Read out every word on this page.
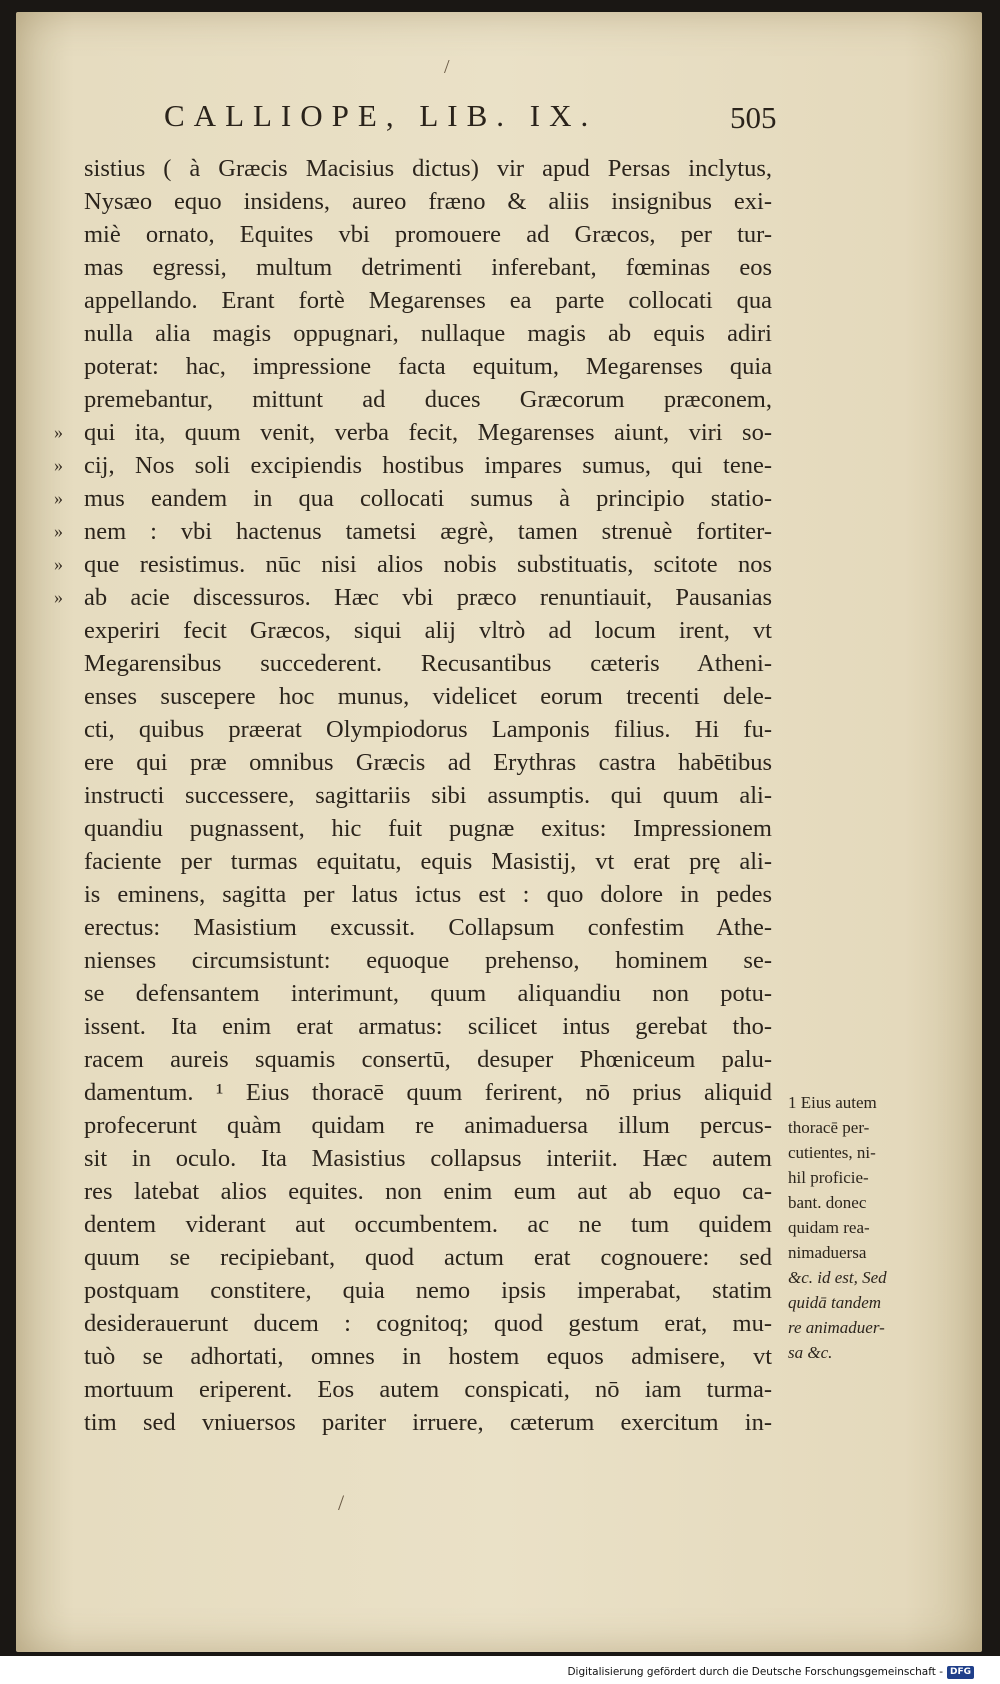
/
CALLIOPE, LIB. IX.	505
»
»
»
»
»
»
sistius ( à Græcis Macisius dictus) vir apud Persas inclytus,
Nysæo equo insidens, aureo fræno & aliis insignibus exi-
miè ornato, Equites vbi promouere ad Græcos, per tur-
mas egressi, multum detrimenti inferebant, fœminas eos
appellando. Erant fortè Megarenses ea parte collocati qua
nulla alia magis oppugnari, nullaque magis ab equis adiri
poterat: hac, impressione facta equitum, Megarenses quia
premebantur, mittunt ad duces Græcorum præconem,
qui ita, quum venit, verba fecit, Megarenses aiunt, viri so-
cij, Nos soli excipiendis hostibus impares sumus, qui tene-
mus eandem in qua collocati sumus à principio statio-
nem : vbi hactenus tametsi ægrè, tamen strenuè fortiter-
que resistimus. nūc nisi alios nobis substituatis, scitote nos
ab acie discessuros. Hæc vbi præco renuntiauit, Pausanias
experiri fecit Græcos, siqui alij vltrò ad locum irent, vt
Megarensibus succederent. Recusantibus cæteris Atheni-
enses suscepere hoc munus, videlicet eorum trecenti dele-
cti, quibus præerat Olympiodorus Lamponis filius. Hi fu-
ere qui præ omnibus Græcis ad Erythras castra habētibus
instructi successere, sagittariis sibi assumptis. qui quum ali-
quandiu pugnassent, hic fuit pugnæ exitus: Impressionem
faciente per turmas equitatu, equis Masistij, vt erat prę ali-
is eminens, sagitta per latus ictus est : quo dolore in pedes
erectus: Masistium excussit. Collapsum confestim Athe-
nienses circumsistunt: equoque prehenso, hominem se-
se defensantem interimunt, quum aliquandiu non potu-
issent. Ita enim erat armatus: scilicet intus gerebat tho-
racem aureis squamis consertū, desuper Phœniceum palu-
damentum. ¹ Eius thoracē quum ferirent, nō prius aliquid
profecerunt quàm quidam re animaduersa illum percus-
sit in oculo. Ita Masistius collapsus interiit. Hæc autem
res latebat alios equites. non enim eum aut ab equo ca-
dentem viderant aut occumbentem. ac ne tum quidem
quum se recipiebant, quod actum erat cognouere: sed
postquam constitere, quia nemo ipsis imperabat, statim
desiderauerunt ducem : cognitoq; quod gestum erat, mu-
tuò se adhortati, omnes in hostem equos admisere, vt
mortuum eriperent. Eos autem conspicati, nō iam turma-
tim sed vniuersos pariter irruere, cæterum exercitum in-
1 Eius autem
thoracē per-
cutientes, ni-
hil proficie-
bant. donec
quidam rea-
nimaduersa
&c. id est, Sed
quidā tandem
re animaduer-
sa &c.
/
Digitalisierung gefördert durch die Deutsche Forschungsgemeinschaft - DFG
